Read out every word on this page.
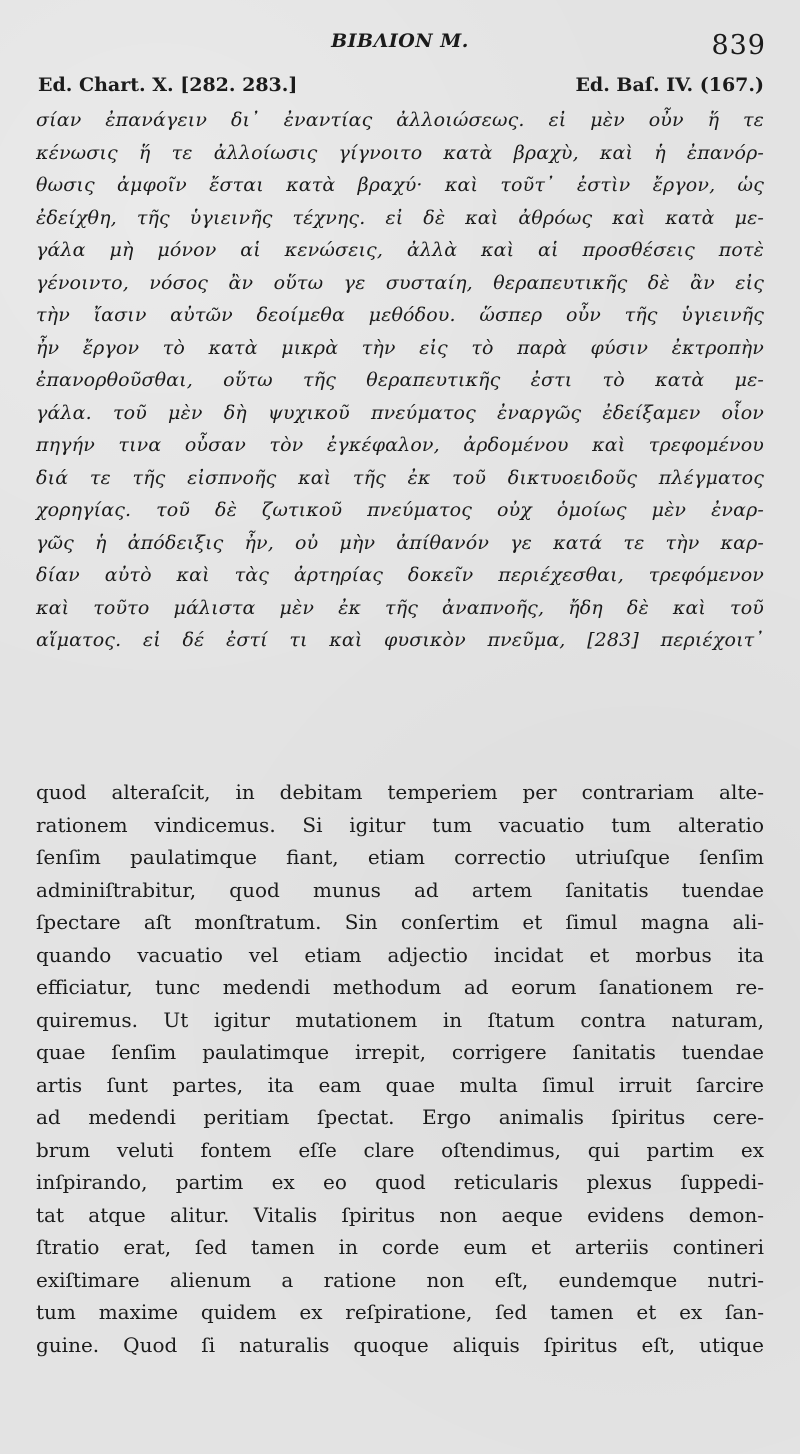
ΒΙΒΛΙΟΝ Μ.	839
Ed. Chart. X. [282. 283.]	Ed. Baſ. IV. (167.)
σίαν ἐπανάγειν δι᾽ ἐναντίας ἀλλοιώσεως. εἰ μὲν οὖν ἥ τε
κένωσις ἥ τε ἀλλοίωσις γίγνοιτο κατὰ βραχὺ, καὶ ἡ ἐπανόρ-
θωσις ἀμφοῖν ἔσται κατὰ βραχύ· καὶ τοῦτ᾽ ἐστὶν ἔργον, ὡς
ἐδείχθη, τῆς ὑγιεινῆς τέχνης. εἰ δὲ καὶ ἀθρόως καὶ κατὰ με-
γάλα μὴ μόνον αἱ κενώσεις, ἀλλὰ καὶ αἱ προσθέσεις ποτὲ
γένοιντο, νόσος ἂν οὕτω γε συσταίη, θεραπευτικῆς δὲ ἂν εἰς
τὴν ἴασιν αὐτῶν δεοίμεθα μεθόδου. ὥσπερ οὖν τῆς ὑγιεινῆς
ἦν ἔργον τὸ κατὰ μικρὰ τὴν εἰς τὸ παρὰ φύσιν ἐκτροπὴν
ἐπανορθοῦσθαι, οὕτω τῆς θεραπευτικῆς ἐστι τὸ κατὰ με-
γάλα. τοῦ μὲν δὴ ψυχικοῦ πνεύματος ἐναργῶς ἐδείξαμεν οἷον
πηγήν τινα οὖσαν τὸν ἐγκέφαλον, ἀρδομένου καὶ τρεφομένου
διά τε τῆς εἰσπνοῆς καὶ τῆς ἐκ τοῦ δικτυοειδοῦς πλέγματος
χορηγίας. τοῦ δὲ ζωτικοῦ πνεύματος οὐχ ὁμοίως μὲν ἐναρ-
γῶς ἡ ἀπόδειξις ἦν, οὐ μὴν ἀπίθανόν γε κατά τε τὴν καρ-
δίαν αὐτὸ καὶ τὰς ἀρτηρίας δοκεῖν περιέχεσθαι, τρεφόμενον
καὶ τοῦτο μάλιστα μὲν ἐκ τῆς ἀναπνοῆς, ἤδη δὲ καὶ τοῦ
αἵματος. εἰ δέ ἐστί τι καὶ φυσικὸν πνεῦμα, [283] περιέχοιτ᾽
quod alteraſcit, in debitam temperiem per contrariam alte-
rationem vindicemus. Si igitur tum vacuatio tum alteratio
ſenſim paulatimque fiant, etiam correctio utriuſque ſenſim
adminiſtrabitur, quod munus ad artem ſanitatis tuendae
ſpectare aſt monſtratum. Sin conſertim et ſimul magna ali-
quando vacuatio vel etiam adjectio incidat et morbus ita
efficiatur, tunc medendi methodum ad eorum ſanationem re-
quiremus. Ut igitur mutationem in ſtatum contra naturam,
quae ſenſim paulatimque irrepit, corrigere ſanitatis tuendae
artis ſunt partes, ita eam quae multa ſimul irruit ſarcire
ad medendi peritiam ſpectat. Ergo animalis ſpiritus cere-
brum veluti fontem eſſe clare oſtendimus, qui partim ex
inſpirando, partim ex eo quod reticularis plexus ſuppedi-
tat atque alitur. Vitalis ſpiritus non aeque evidens demon-
ſtratio erat, ſed tamen in corde eum et arteriis contineri
exiſtimare alienum a ratione non eſt, eundemque nutri-
tum maxime quidem ex reſpiratione, ſed tamen et ex ſan-
guine. Quod ſi naturalis quoque aliquis ſpiritus eſt, utique
